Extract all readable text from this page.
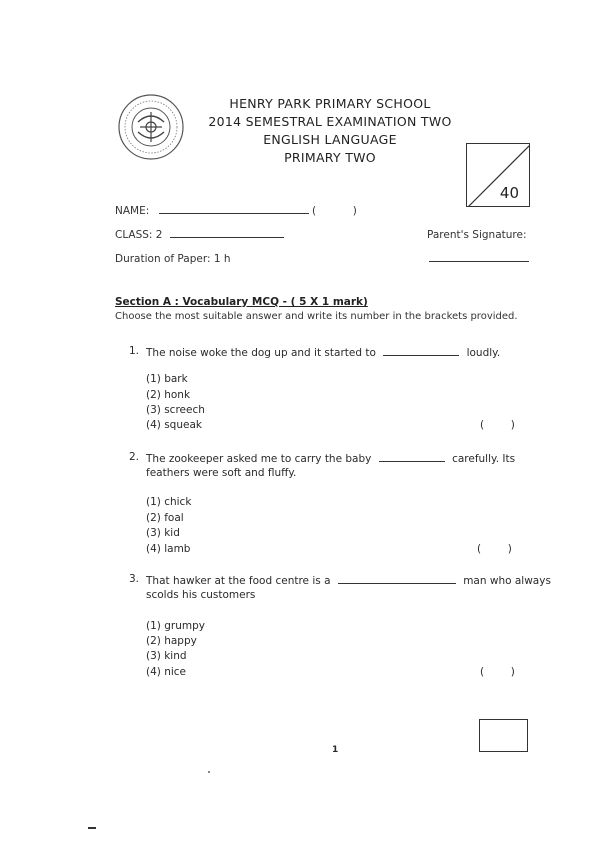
HENRY PARK PRIMARY SCHOOL
2014 SEMESTRAL EXAMINATION TWO
ENGLISH LANGUAGE
PRIMARY TWO
40
NAME:	(	)
CLASS: 2	Parent's Signature:
Duration of Paper: 1 h
Section A : Vocabulary MCQ - ( 5 X 1 mark)
Choose the most suitable answer and write its number in the brackets provided.
1. The noise woke the dog up and it started to	loudly.
(1) bark
(2) honk
(3) screech
(4) squeak	(        )
2. The zookeeper asked me to carry the baby	carefully. Its
feathers were soft and fluffy.
(1) chick
(2) foal
(3) kid
(4) lamb	(        )
3. That hawker at the food centre is a	man who always
scolds his customers
(1) grumpy
(2) happy
(3) kind
(4) nice	(        )
1
